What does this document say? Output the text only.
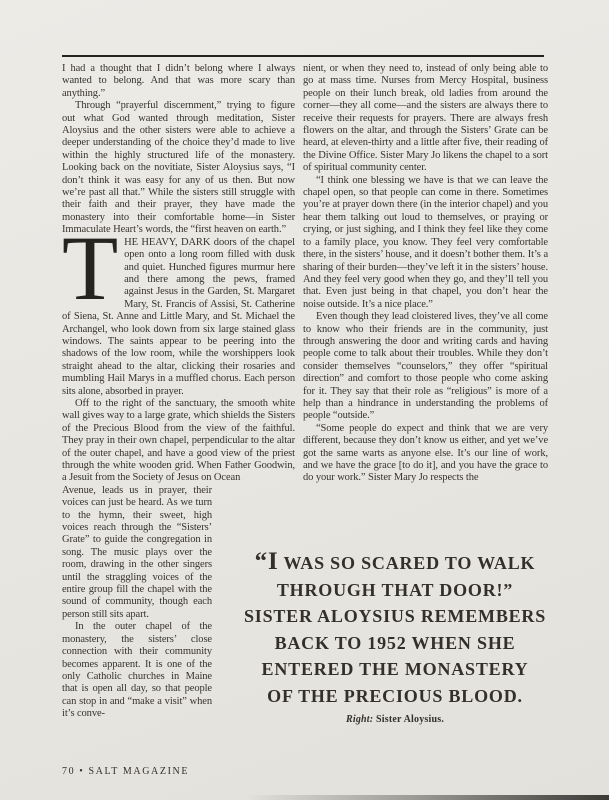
I had a thought that I didn’t belong where I always wanted to belong. And that was more scary than anything.”

Through “prayerful discernment,” trying to figure out what God wanted through meditation, Sister Aloysius and the other sisters were able to achieve a deeper understanding of the choice they’d made to live within the highly structured life of the monastery. Looking back on the novitiate, Sister Aloysius says, “I don’t think it was easy for any of us then. But now we’re past all that.” While the sisters still struggle with their faith and their prayer, they have made the monastery into their comfortable home—in Sister Immaculate Heart’s words, the “first heaven on earth.”

THE HEAVY, DARK doors of the chapel open onto a long room filled with dusk and quiet. Hunched figures murmur here and there among the pews, framed against Jesus in the Garden, St. Margaret Mary, St. Francis of Assisi, St. Catherine of Siena, St. Anne and Little Mary, and St. Michael the Archangel, who look down from six large stained glass windows. The saints appear to be peering into the shadows of the low room, while the worshippers look straight ahead to the altar, clicking their rosaries and mumbling Hail Marys in a muffled chorus. Each person sits alone, absorbed in prayer.

Off to the right of the sanctuary, the smooth white wall gives way to a large grate, which shields the Sisters of the Precious Blood from the view of the faithful. They pray in their own chapel, perpendicular to the altar of the outer chapel, and have a good view of the priest through the white wooden grid. When Father Goodwin, a Jesuit from the Society of Jesus on Ocean

Avenue, leads us in prayer, their voices can just be heard. As we turn to the hymn, their sweet, high voices reach through the “Sisters’ Grate” to guide the congregation in song. The music plays over the room, drawing in the other singers until the straggling voices of the entire group fill the chapel with the sound of community, though each person still sits apart.

In the outer chapel of the monastery, the sisters’ close connection with their community becomes apparent. It is one of the only Catholic churches in Maine that is open all day, so that people can stop in and “make a visit” when it’s conve-

nient, or when they need to, instead of only being able to go at mass time. Nurses from Mercy Hospital, business people on their lunch break, old ladies from around the corner—they all come—and the sisters are always there to receive their requests for prayers. There are always fresh flowers on the altar, and through the Sisters’ Grate can be heard, at eleven-thirty and a little after five, their reading of the Divine Office. Sister Mary Jo likens the chapel to a sort of spiritual community center.

“I think one blessing we have is that we can leave the chapel open, so that people can come in there. Sometimes you’re at prayer down there (in the interior chapel) and you hear them talking out loud to themselves, or praying or crying, or just sighing, and I think they feel like they come to a family place, you know. They feel very comfortable there, in the sisters’ house, and it doesn’t bother them. It’s a sharing of their burden—they’ve left it in the sisters’ house. And they feel very good when they go, and they’ll tell you that. Even just being in that chapel, you don’t hear the noise outside. It’s a nice place.”

Even though they lead cloistered lives, they’ve all come to know who their friends are in the community, just through answering the door and writing cards and having people come to talk about their troubles. While they don’t consider themselves “counselors,” they offer “spiritual direction” and comfort to those people who come asking for it. They say that their role as “religious” is more of a help than a hindrance in understanding the problems of people “outside.”

“Some people do expect and think that we are very different, because they don’t know us either, and yet we’ve got the same warts as anyone else. It’s our line of work, and we have the grace [to do it], and you have the grace to do your work.” Sister Mary Jo respects the

“I WAS SO SCARED TO WALK
THROUGH THAT DOOR!”
SISTER ALOYSIUS REMEMBERS
BACK TO 1952 WHEN SHE
ENTERED THE MONASTERY
OF THE PRECIOUS BLOOD.
Right: Sister Aloysius.
70 • SALT MAGAZINE
